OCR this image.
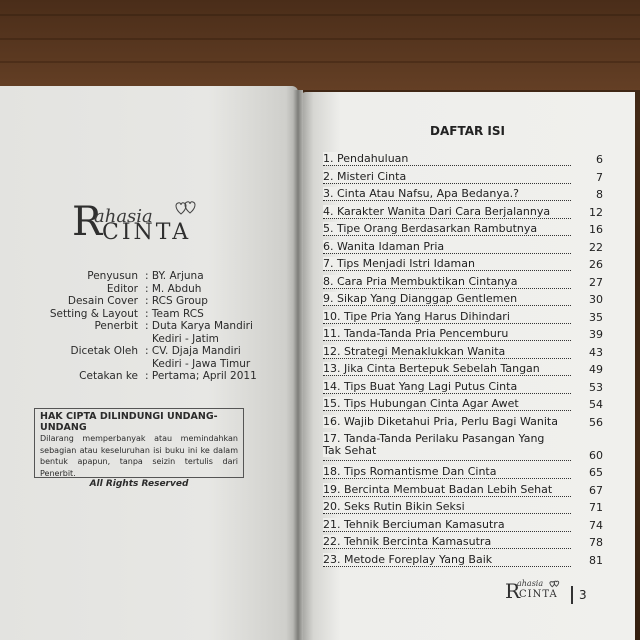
R
ahasia
CINTA
Penyusun : BY. Arjuna
Editor : M. Abduh
Desain Cover : RCS Group
Setting & Layout : Team RCS
Penerbit : Duta Karya Mandiri
Kediri - Jatim
Dicetak Oleh : CV. Djaja Mandiri
Kediri - Jawa Timur
Cetakan ke : Pertama; April 2011
HAK CIPTA DILINDUNGI UNDANG-UNDANG
Dilarang memperbanyak atau memindahkan sebagian atau keseluruhan isi buku ini ke dalam bentuk apapun, tanpa seizin tertulis dari Penerbit.
All Rights Reserved
DAFTAR ISI
1. Pendahuluan	6
2. Misteri Cinta	7
3. Cinta Atau Nafsu, Apa Bedanya.?	8
4. Karakter Wanita Dari Cara Berjalannya	12
5. Tipe Orang Berdasarkan Rambutnya	16
6. Wanita Idaman Pria	22
7. Tips Menjadi Istri Idaman	26
8. Cara Pria Membuktikan Cintanya	27
9. Sikap Yang Dianggap Gentlemen	30
10. Tipe Pria Yang Harus Dihindari	35
11. Tanda-Tanda Pria Pencemburu	39
12. Strategi Menaklukkan Wanita	43
13. Jika Cinta Bertepuk Sebelah Tangan	49
14. Tips Buat Yang Lagi Putus Cinta	53
15. Tips Hubungan Cinta Agar Awet	54
16. Wajib Diketahui Pria, Perlu Bagi Wanita	56
17. Tanda-Tanda Perilaku Pasangan Yang Tak Sehat	60
18. Tips Romantisme Dan Cinta	65
19. Bercinta Membuat Badan Lebih Sehat	67
20. Seks Rutin Bikin Seksi	71
21. Tehnik Berciuman Kamasutra	74
22. Tehnik Bercinta Kamasutra	78
23. Metode Foreplay Yang Baik	81
R
ahasia
CINTA 3
